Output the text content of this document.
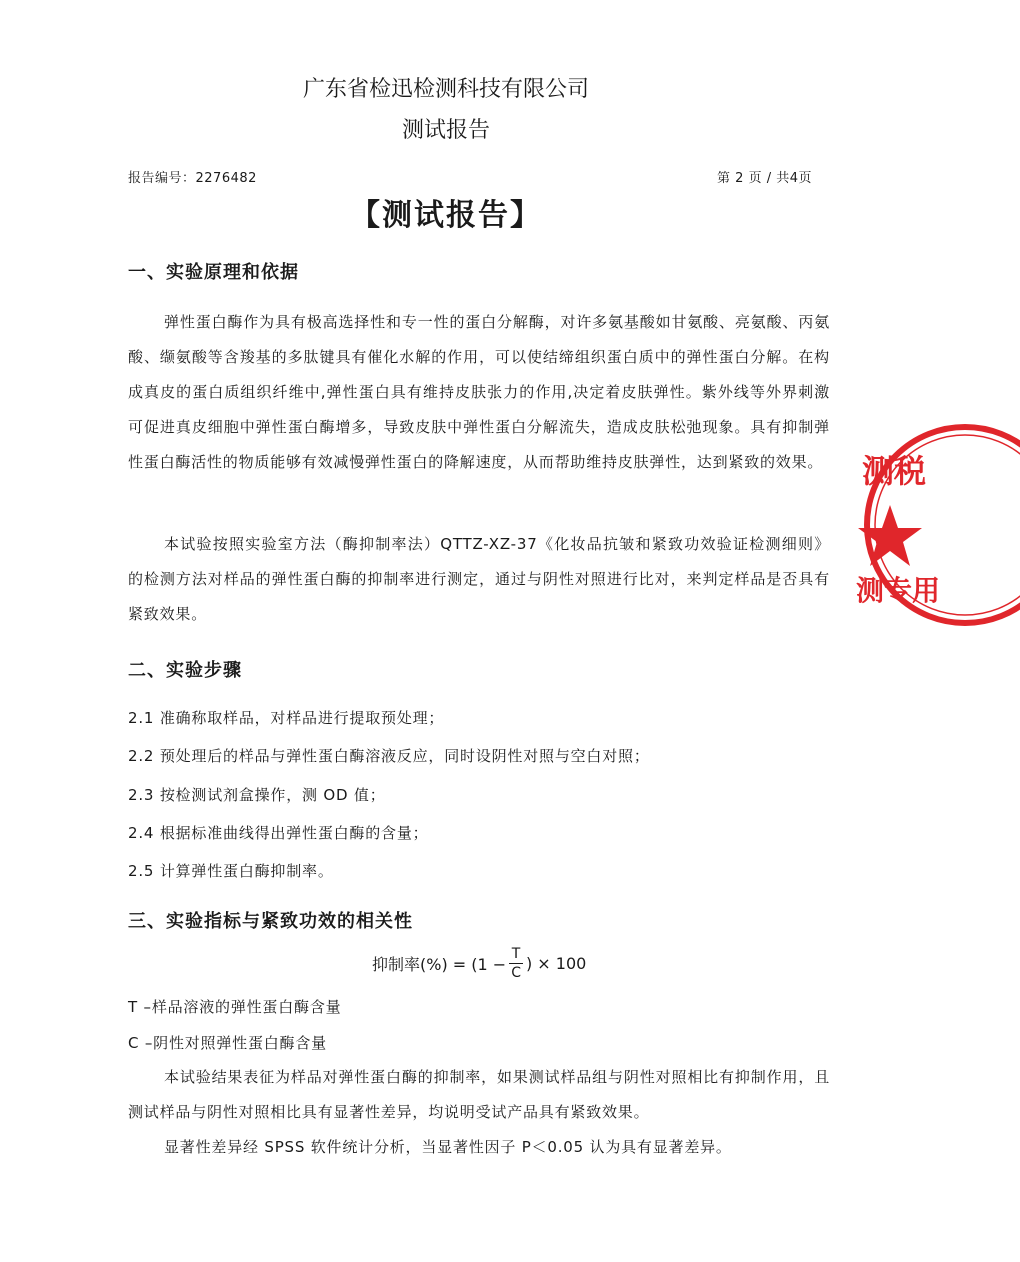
广东省检迅检测科技有限公司
测试报告
报告编号：2276482	第 2 页 / 共4页
【测试报告】
一、实验原理和依据
弹性蛋白酶作为具有极高选择性和专一性的蛋白分解酶，对许多氨基酸如甘氨酸、亮氨酸、丙氨酸、缬氨酸等含羧基的多肽键具有催化水解的作用，可以使结缔组织蛋白质中的弹性蛋白分解。在构成真皮的蛋白质组织纤维中,弹性蛋白具有维持皮肤张力的作用,决定着皮肤弹性。紫外线等外界刺激可促进真皮细胞中弹性蛋白酶增多，导致皮肤中弹性蛋白分解流失，造成皮肤松弛现象。具有抑制弹性蛋白酶活性的物质能够有效减慢弹性蛋白的降解速度，从而帮助维持皮肤弹性，达到紧致的效果。
本试验按照实验室方法（酶抑制率法）QTTZ-XZ-37《化妆品抗皱和紧致功效验证检测细则》 的检测方法对样品的弹性蛋白酶的抑制率进行测定，通过与阴性对照进行比对，来判定样品是否具有紧致效果。
二、实验步骤
2.1 准确称取样品，对样品进行提取预处理；
2.2 预处理后的样品与弹性蛋白酶溶液反应，同时设阴性对照与空白对照；
2.3 按检测试剂盒操作，测 OD 值；
2.4 根据标准曲线得出弹性蛋白酶的含量；
2.5 计算弹性蛋白酶抑制率。
三、实验指标与紧致功效的相关性
抑制率(%) = ($1 - \frac{T}{C}$ ) × 100
T –样品溶液的弹性蛋白酶含量
C –阴性对照弹性蛋白酶含量
本试验结果表征为样品对弹性蛋白酶的抑制率，如果测试样品组与阴性对照相比有抑制作用，且测试样品与阴性对照相比具有显著性差异，均说明受试产品具有紧致效果。
显著性差异经 SPSS 软件统计分析，当显著性因子 P＜0.05 认为具有显著差异。
测税
测专用
